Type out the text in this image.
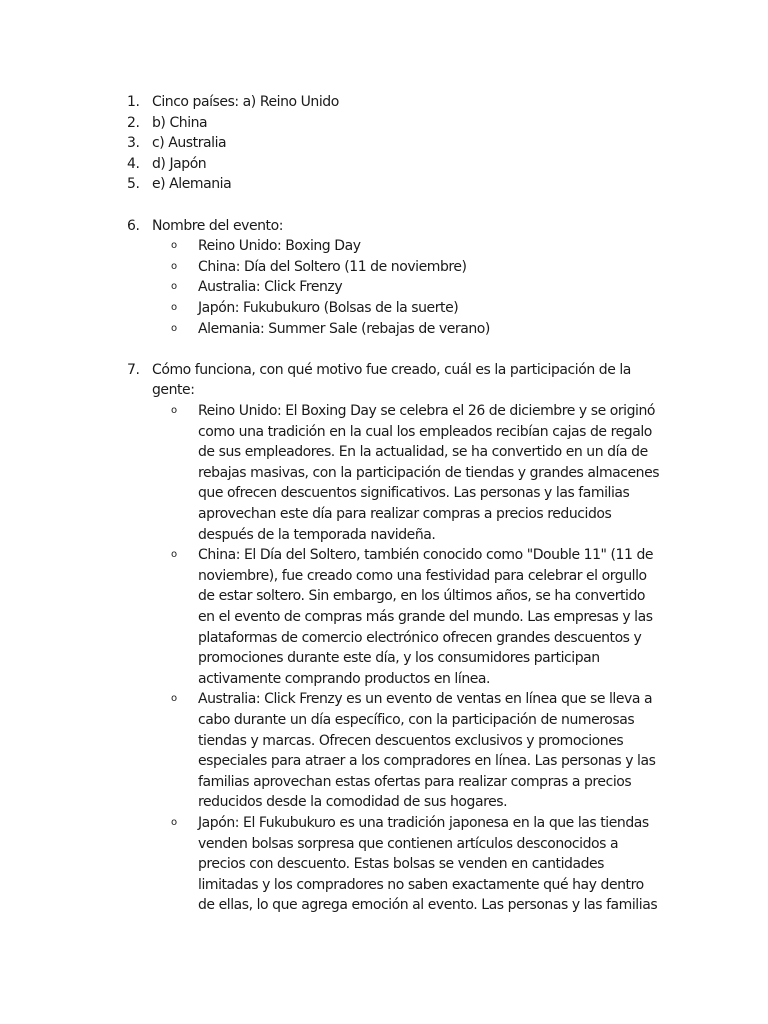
1. Cinco países: a) Reino Unido
2. b) China
3. c) Australia
4. d) Japón
5. e) Alemania
6. Nombre del evento:
o Reino Unido: Boxing Day
o China: Día del Soltero (11 de noviembre)
o Australia: Click Frenzy
o Japón: Fukubukuro (Bolsas de la suerte)
o Alemania: Summer Sale (rebajas de verano)
7. Cómo funciona, con qué motivo fue creado, cuál es la participación de la
gente:
o Reino Unido: El Boxing Day se celebra el 26 de diciembre y se originó
como una tradición en la cual los empleados recibían cajas de regalo
de sus empleadores. En la actualidad, se ha convertido en un día de
rebajas masivas, con la participación de tiendas y grandes almacenes
que ofrecen descuentos significativos. Las personas y las familias
aprovechan este día para realizar compras a precios reducidos
después de la temporada navideña.
o China: El Día del Soltero, también conocido como "Double 11" (11 de
noviembre), fue creado como una festividad para celebrar el orgullo
de estar soltero. Sin embargo, en los últimos años, se ha convertido
en el evento de compras más grande del mundo. Las empresas y las
plataformas de comercio electrónico ofrecen grandes descuentos y
promociones durante este día, y los consumidores participan
activamente comprando productos en línea.
o Australia: Click Frenzy es un evento de ventas en línea que se lleva a
cabo durante un día específico, con la participación de numerosas
tiendas y marcas. Ofrecen descuentos exclusivos y promociones
especiales para atraer a los compradores en línea. Las personas y las
familias aprovechan estas ofertas para realizar compras a precios
reducidos desde la comodidad de sus hogares.
o Japón: El Fukubukuro es una tradición japonesa en la que las tiendas
venden bolsas sorpresa que contienen artículos desconocidos a
precios con descuento. Estas bolsas se venden en cantidades
limitadas y los compradores no saben exactamente qué hay dentro
de ellas, lo que agrega emoción al evento. Las personas y las familias
